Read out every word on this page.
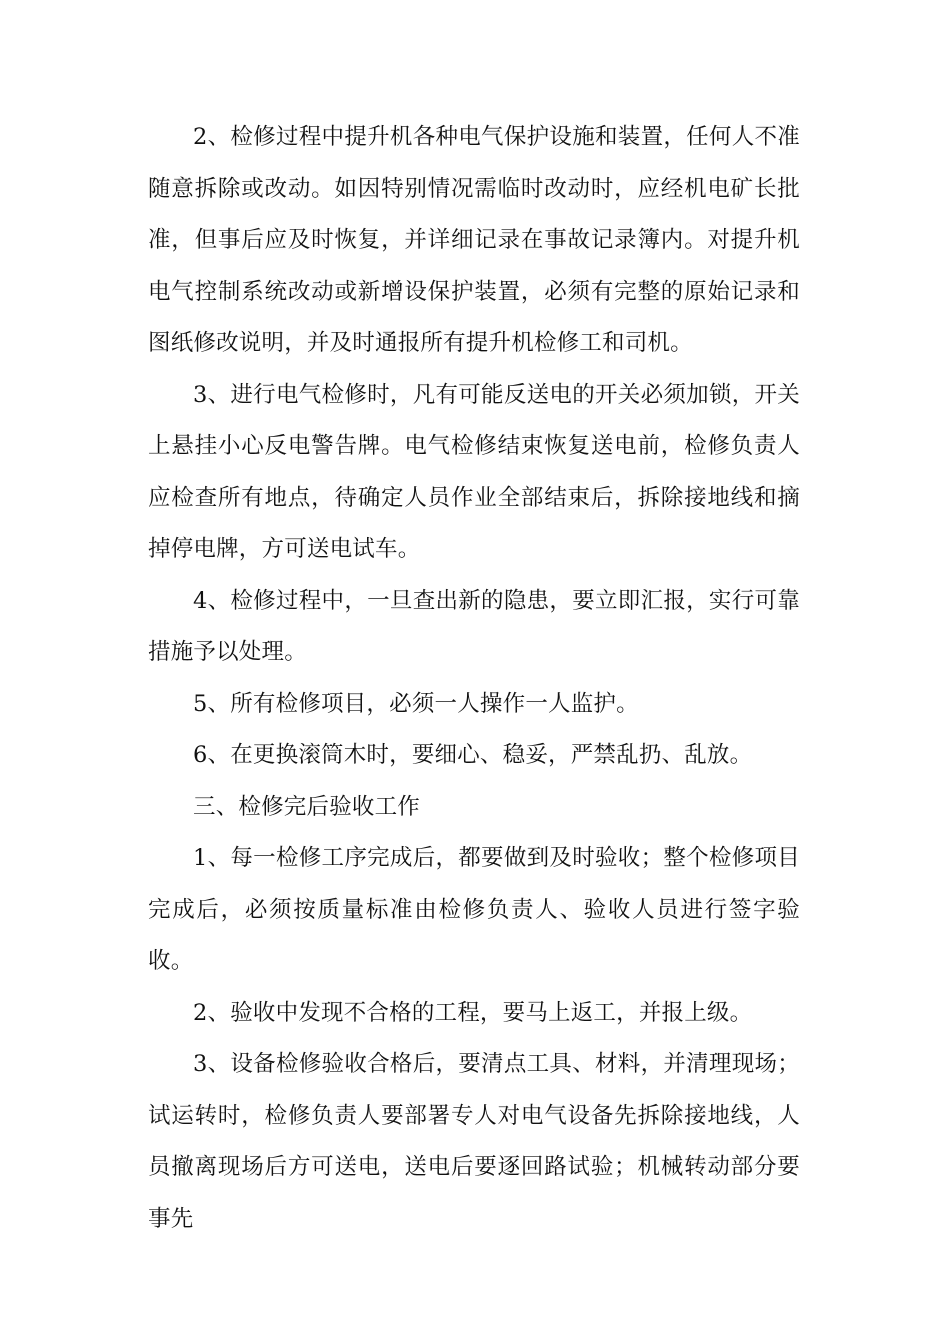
2、检修过程中提升机各种电气保护设施和装置，任何人不准随意拆除或改动。如因特别情况需临时改动时，应经机电矿长批准，但事后应及时恢复，并详细记录在事故记录簿内。对提升机电气控制系统改动或新增设保护装置，必须有完整的原始记录和图纸修改说明，并及时通报所有提升机检修工和司机。

3、进行电气检修时，凡有可能反送电的开关必须加锁，开关上悬挂小心反电警告牌。电气检修结束恢复送电前，检修负责人应检查所有地点，待确定人员作业全部结束后，拆除接地线和摘掉停电牌，方可送电试车。

4、检修过程中，一旦查出新的隐患，要立即汇报，实行可靠措施予以处理。

5、所有检修项目，必须一人操作一人监护。

6、在更换滚筒木时，要细心、稳妥，严禁乱扔、乱放。

三、检修完后验收工作

1、每一检修工序完成后，都要做到及时验收；整个检修项目完成后，必须按质量标准由检修负责人、验收人员进行签字验收。

2、验收中发现不合格的工程，要马上返工，并报上级。

3、设备检修验收合格后，要清点工具、材料，并清理现场；试运转时，检修负责人要部署专人对电气设备先拆除接地线，人员撤离现场后方可送电，送电后要逐回路试验；机械转动部分要事先
